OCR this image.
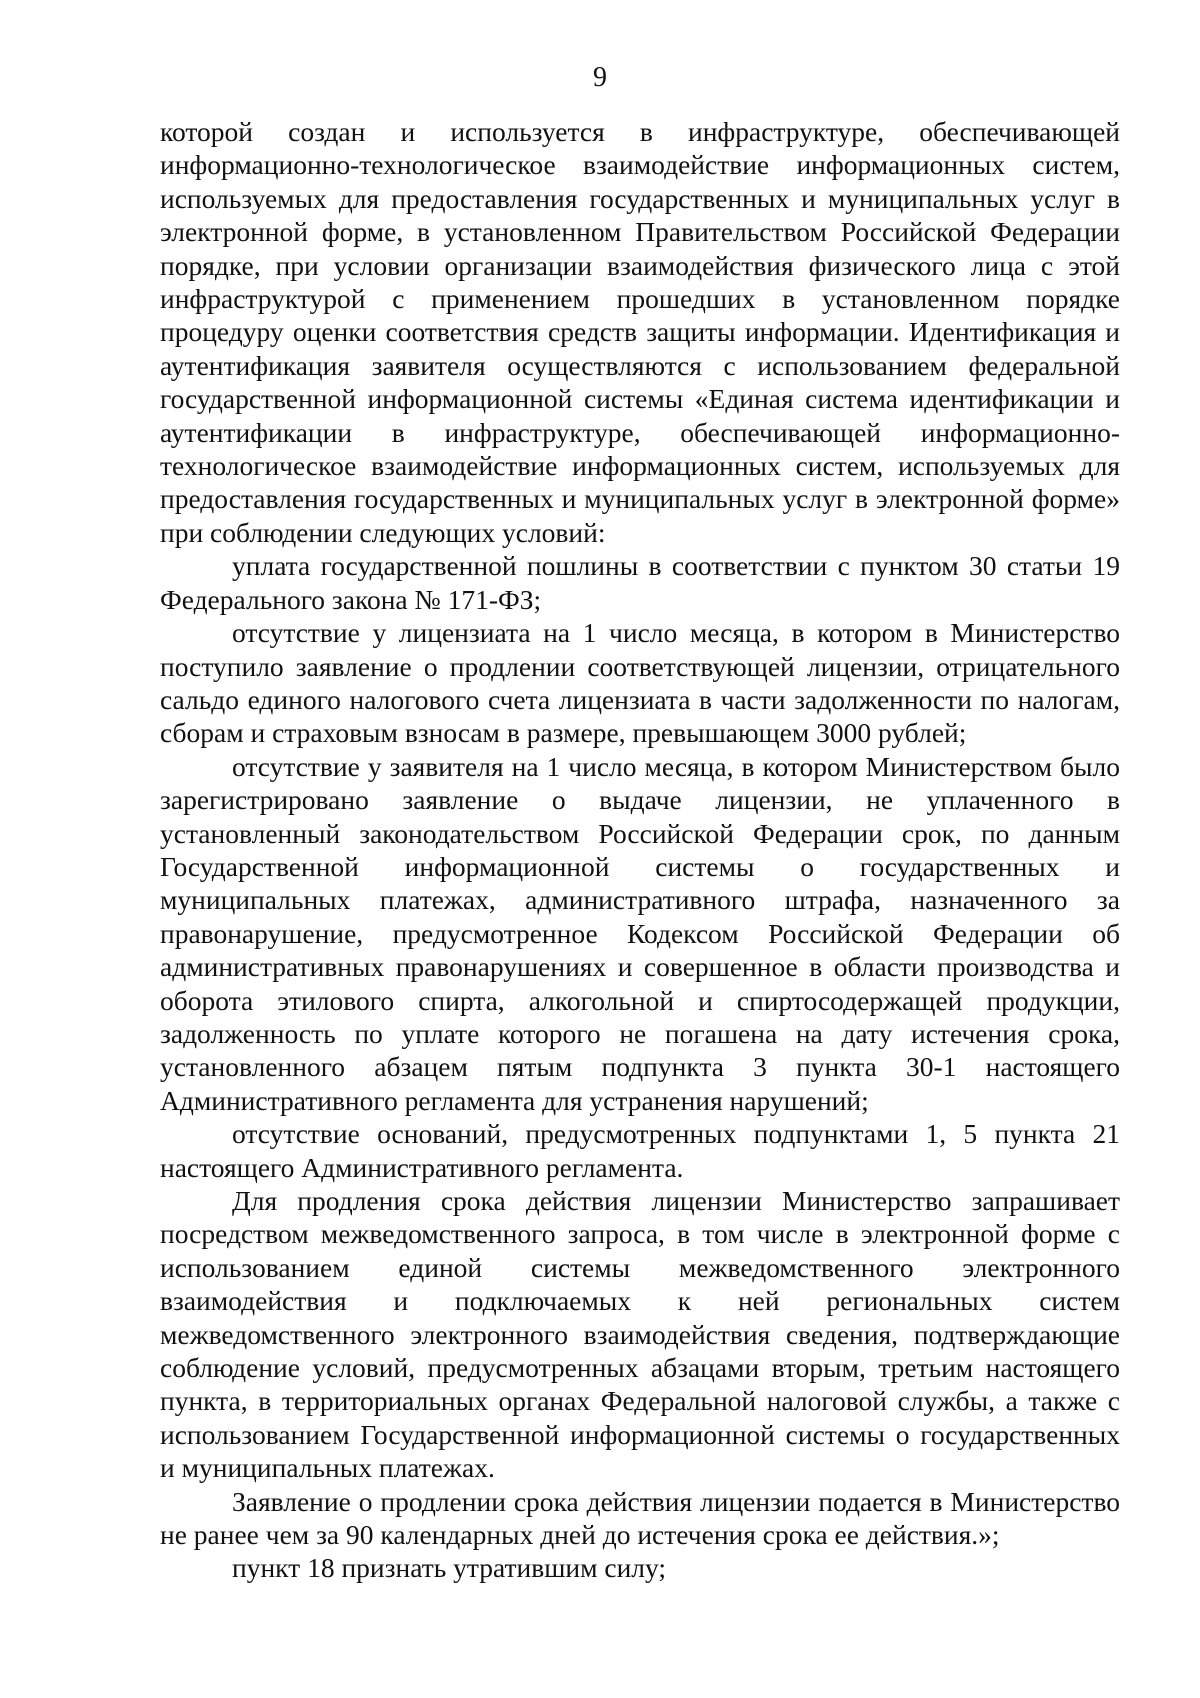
9

которой создан и используется в инфраструктуре, обеспечивающей информационно-технологическое взаимодействие информационных систем, используемых для предоставления государственных и муниципальных услуг в электронной форме, в установленном Правительством Российской Федерации порядке, при условии организации взаимодействия физического лица с этой инфраструктурой с применением прошедших в установленном порядке процедуру оценки соответствия средств защиты информации. Идентификация и аутентификация заявителя осуществляются с использованием федеральной государственной информационной системы «Единая система идентификации и аутентификации в инфраструктуре, обеспечивающей информационно-технологическое взаимодействие информационных систем, используемых для предоставления государственных и муниципальных услуг в электронной форме» при соблюдении следующих условий:

уплата государственной пошлины в соответствии с пунктом 30 статьи 19 Федерального закона № 171-ФЗ;

отсутствие у лицензиата на 1 число месяца, в котором в Министерство поступило заявление о продлении соответствующей лицензии, отрицательного сальдо единого налогового счета лицензиата в части задолженности по налогам, сборам и страховым взносам в размере, превышающем 3000 рублей;

отсутствие у заявителя на 1 число месяца, в котором Министерством было зарегистрировано заявление о выдаче лицензии, не уплаченного в установленный законодательством Российской Федерации срок, по данным Государственной информационной системы о государственных и муниципальных платежах, административного штрафа, назначенного за правонарушение, предусмотренное Кодексом Российской Федерации об административных правонарушениях и совершенное в области производства и оборота этилового спирта, алкогольной и спиртосодержащей продукции, задолженность по уплате которого не погашена на дату истечения срока, установленного абзацем пятым подпункта 3 пункта 30-1 настоящего Административного регламента для устранения нарушений;

отсутствие оснований, предусмотренных подпунктами 1, 5 пункта 21 настоящего Административного регламента.

Для продления срока действия лицензии Министерство запрашивает посредством межведомственного запроса, в том числе в электронной форме с использованием единой системы межведомственного электронного взаимодействия и подключаемых к ней региональных систем межведомственного электронного взаимодействия сведения, подтверждающие соблюдение условий, предусмотренных абзацами вторым, третьим настоящего пункта, в территориальных органах Федеральной налоговой службы, а также с использованием Государственной информационной системы о государственных и муниципальных платежах.

Заявление о продлении срока действия лицензии подается в Министерство не ранее чем за 90 календарных дней до истечения срока ее действия.»;

пункт 18 признать утратившим силу;
